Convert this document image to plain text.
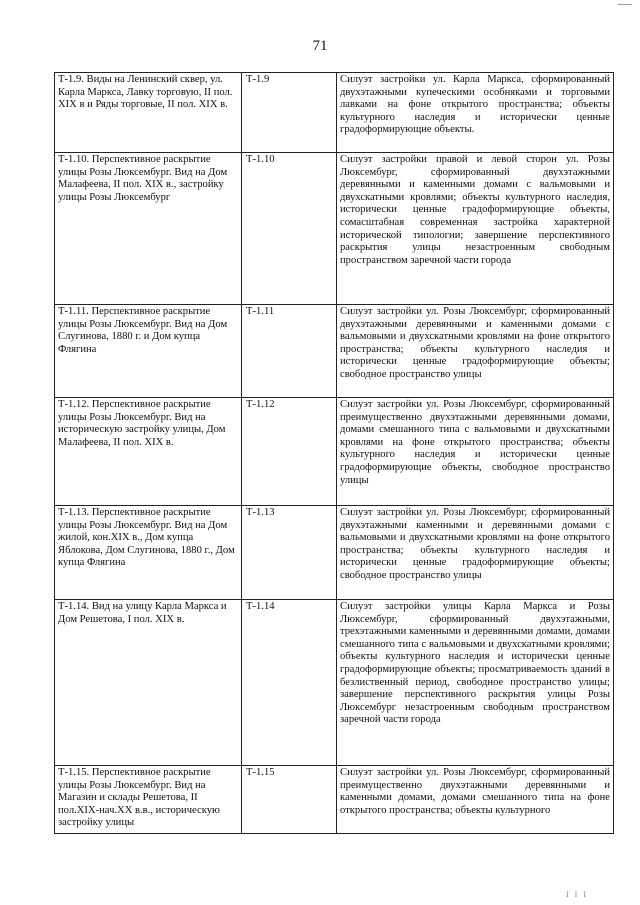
71
Т-1.9. Виды на Ленинский сквер, ул. Карла Маркса, Лавку торговую, II пол. XIX в и Ряды торговые, II пол. XIX в.	Т-1.9	Силуэт застройки ул. Карла Маркса, сформированный двухэтажными купеческими особняками и торговыми лавками на фоне открытого пространства; объекты культурного наследия и исторически ценные градоформирующие объекты.
Т-1.10. Перспективное раскрытие улицы Розы Люксембург. Вид на Дом Малафеева, II пол. XIX в., застройку улицы Розы Люксембург	Т-1.10	Силуэт застройки правой и левой сторон ул. Розы Люксембург, сформированный двухэтажными деревянными и каменными домами с вальмовыми и двухскатными кровлями; объекты культурного наследия, исторически ценные градоформирующие объекты, сомасштабная современная застройка характерной исторической типологии; завершение перспективного раскрытия улицы незастроенным свободным пространством заречной части города
Т-1.11. Перспективное раскрытие улицы Розы Люксембург. Вид на Дом Слугинова, 1880 г. и Дом купца Флягина	Т-1.11	Силуэт застройки ул. Розы Люксембург, сформированный двухэтажными деревянными и каменными домами с вальмовыми и двухскатными кровлями на фоне открытого пространства; объекты культурного наследия и исторически ценные градоформирующие объекты; свободное пространство улицы
Т-1.12. Перспективное раскрытие улицы Розы Люксембург. Вид на историческую застройку улицы, Дом Малафеева, II пол. XIX в.	Т-1.12	Силуэт застройки ул. Розы Люксембург, сформированный преимущественно двухэтажными деревянными домами, домами смешанного типа с вальмовыми и двухскатными кровлями на фоне открытого пространства; объекты культурного наследия и исторически ценные градоформирующие объекты, свободное пространство улицы
Т-1.13. Перспективное раскрытие улицы Розы Люксембург. Вид на Дом жилой, кон.XIX в., Дом купца Яблокова, Дом Слугинова, 1880 г., Дом купца Флягина	Т-1.13	Силуэт застройки ул. Розы Люксембург, сформированный двухэтажными каменными и деревянными домами с вальмовыми и двухскатными кровлями на фоне открытого пространства; объекты культурного наследия и исторически ценные градоформирующие объекты; свободное пространство улицы
Т-1.14. Вид на улицу Карла Маркса и Дом Решетова, I пол. XIX в.	Т-1.14	Силуэт застройки улицы Карла Маркса и Розы Люксембург, сформированный двухэтажными, трехэтажными каменными и деревянными домами, домами смешанного типа с вальмовыми и двухскатными кровлями; объекты культурного наследия и исторически ценные градоформирующие объекты; просматриваемость зданий в безлиственный период, свободное пространство улицы; завершение перспективного раскрытия улицы Розы Люксембург незастроенным свободным пространством заречной части города
Т-1.15. Перспективное раскрытие улицы Розы Люксембург. Вид на Магазин и склады Решетова, II пол.XIX-нач.XX в.в., историческую застройку улицы	Т-1.15	Силуэт застройки ул. Розы Люксембург, сформированный преимущественно двухэтажными деревянными и каменными домами, домами смешанного типа на фоне открытого пространства; объекты культурного
I I I
